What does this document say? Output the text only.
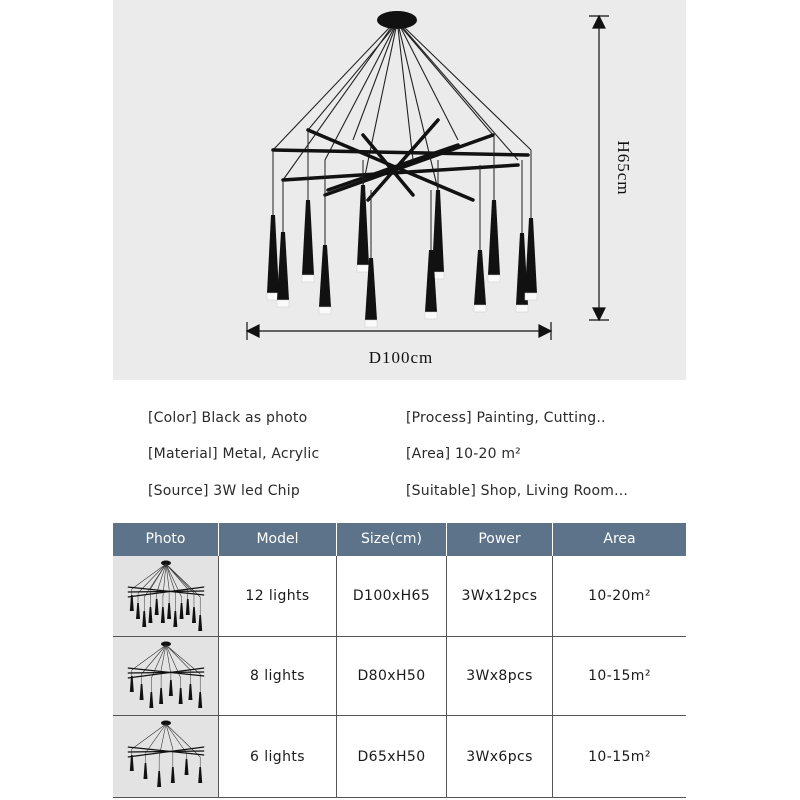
D100cm
H65cm
[Color] Black as photo	[Process] Painting, Cutting..
[Material] Metal, Acrylic	[Area] 10-20 m²
[Source] 3W led Chip	[Suitable] Shop, Living Room...
Photo	Model	Size(cm)	Power	Area
12 lights	D100xH65	3Wx12pcs	10-20m²
8 lights	D80xH50	3Wx8pcs	10-15m²
6 lights	D65xH50	3Wx6pcs	10-15m²
